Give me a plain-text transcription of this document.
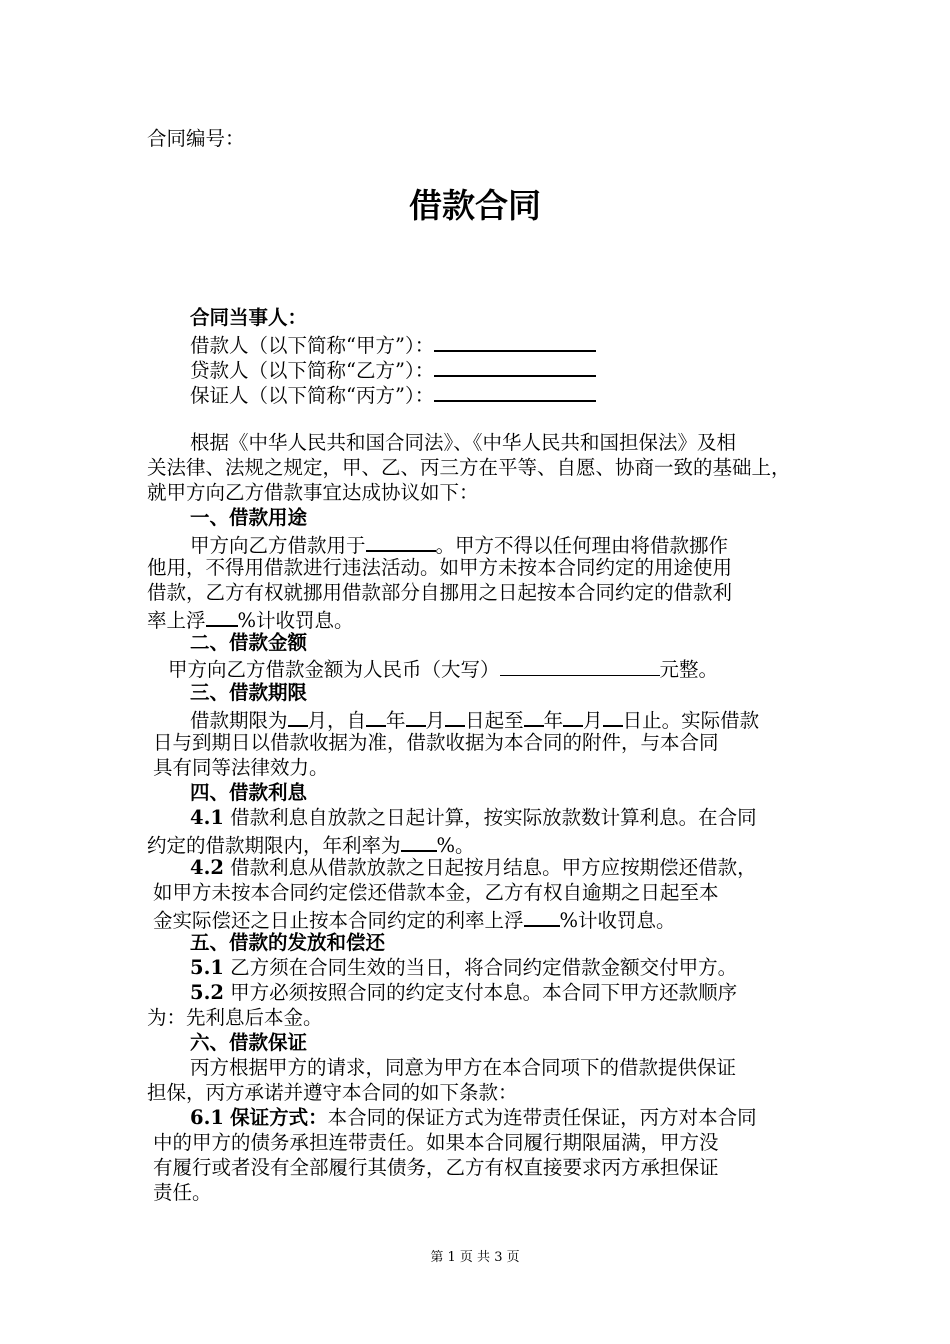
合同编号：
借款合同
合同当事人：
借款人（以下简称“甲方”）：
贷款人（以下简称“乙方”）：
保证人（以下简称“丙方”）：
根据《中华人民共和国合同法》、《中华人民共和国担保法》及相
关法律、法规之规定，甲、乙、丙三方在平等、自愿、协商一致的基础上，
就甲方向乙方借款事宜达成协议如下：
一、借款用途
甲方向乙方借款用于	。甲方不得以任何理由将借款挪作
他用，不得用借款进行违法活动。如甲方未按本合同约定的用途使用
借款，乙方有权就挪用借款部分自挪用之日起按本合同约定的借款利
率上浮 %计收罚息。
二、借款金额
甲方向乙方借款金额为人民币（大写）	元整。
三、借款期限
借款期限为 月，自 年 月 日起至 年 月 日止。实际借款
日与到期日以借款收据为准，借款收据为本合同的附件，与本合同
具有同等法律效力。
四、借款利息
4.1 借款利息自放款之日起计算，按实际放款数计算利息。在合同
约定的借款期限内，年利率为 %。
4.2 借款利息从借款放款之日起按月结息。甲方应按期偿还借款，
如甲方未按本合同约定偿还借款本金，乙方有权自逾期之日起至本
金实际偿还之日止按本合同约定的利率上浮 %计收罚息。
五、借款的发放和偿还
5.1 乙方须在合同生效的当日，将合同约定借款金额交付甲方。
5.2 甲方必须按照合同的约定支付本息。本合同下甲方还款顺序
为：先利息后本金。
六、借款保证
丙方根据甲方的请求，同意为甲方在本合同项下的借款提供保证
担保，丙方承诺并遵守本合同的如下条款：
6.1 保证方式：本合同的保证方式为连带责任保证，丙方对本合同
中的甲方的债务承担连带责任。如果本合同履行期限届满，甲方没
有履行或者没有全部履行其债务，乙方有权直接要求丙方承担保证
责任。
第 1 页 共 3 页
